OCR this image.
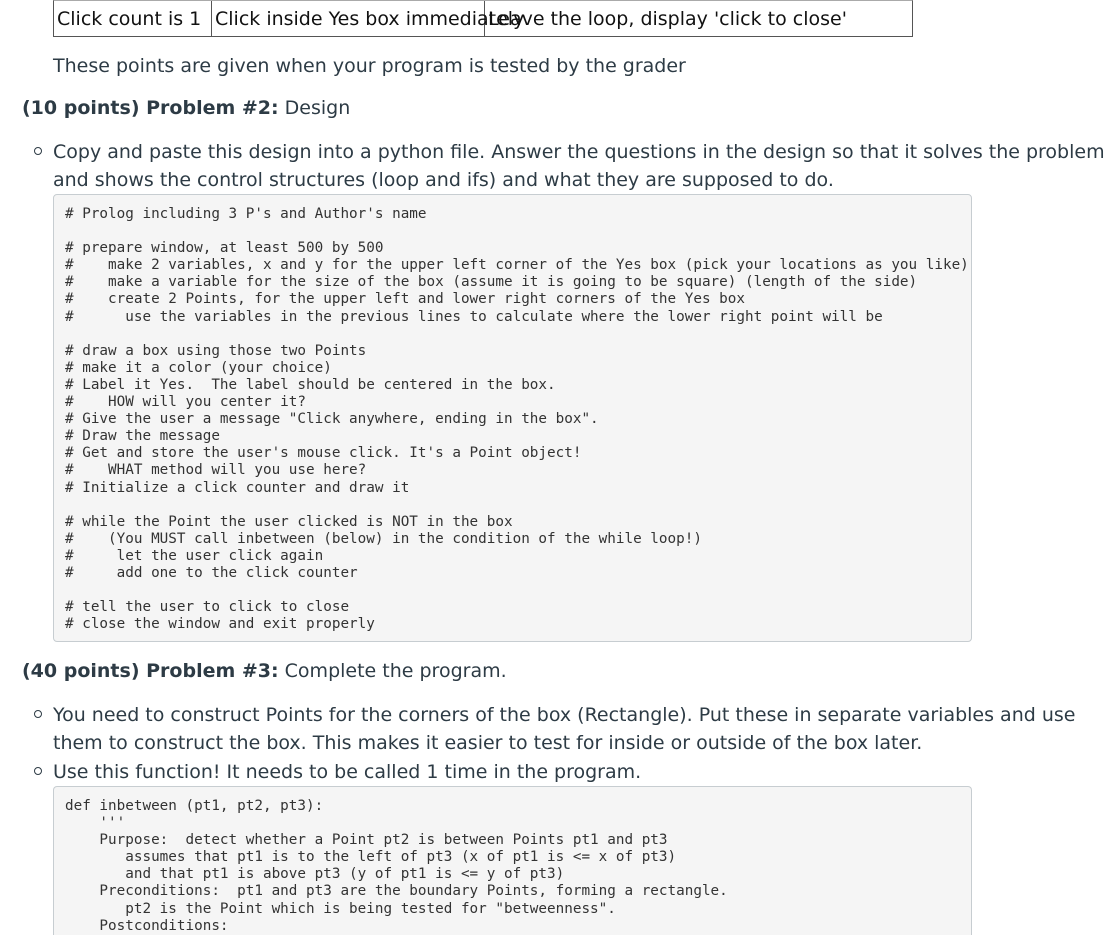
Click count is 1 Click inside Yes box immediately
Leave the loop, display 'click to close'
These points are given when your program is tested by the grader
(10 points) Problem #2: Design
Copy and paste this design into a python file. Answer the questions in the design so that it solves the problem
and shows the control structures (loop and ifs) and what they are supposed to do.
# Prolog including 3 P's and Author's name

# prepare window, at least 500 by 500
#    make 2 variables, x and y for the upper left corner of the Yes box (pick your locations as you like)
#    make a variable for the size of the box (assume it is going to be square) (length of the side)
#    create 2 Points, for the upper left and lower right corners of the Yes box
#      use the variables in the previous lines to calculate where the lower right point will be

# draw a box using those two Points
# make it a color (your choice)
# Label it Yes.  The label should be centered in the box.
#    HOW will you center it?
# Give the user a message "Click anywhere, ending in the box".
# Draw the message
# Get and store the user's mouse click. It's a Point object!
#    WHAT method will you use here?
# Initialize a click counter and draw it

# while the Point the user clicked is NOT in the box
#    (You MUST call inbetween (below) in the condition of the while loop!)
#     let the user click again
#     add one to the click counter

# tell the user to click to close
# close the window and exit properly
(40 points) Problem #3: Complete the program.
You need to construct Points for the corners of the box (Rectangle). Put these in separate variables and use
them to construct the box. This makes it easier to test for inside or outside of the box later.
Use this function! It needs to be called 1 time in the program.
def inbetween (pt1, pt2, pt3):
'''
Purpose:  detect whether a Point pt2 is between Points pt1 and pt3
assumes that pt1 is to the left of pt3 (x of pt1 is <= x of pt3)
and that pt1 is above pt3 (y of pt1 is <= y of pt3)
Preconditions:  pt1 and pt3 are the boundary Points, forming a rectangle.
pt2 is the Point which is being tested for "betweenness".
Postconditions:
